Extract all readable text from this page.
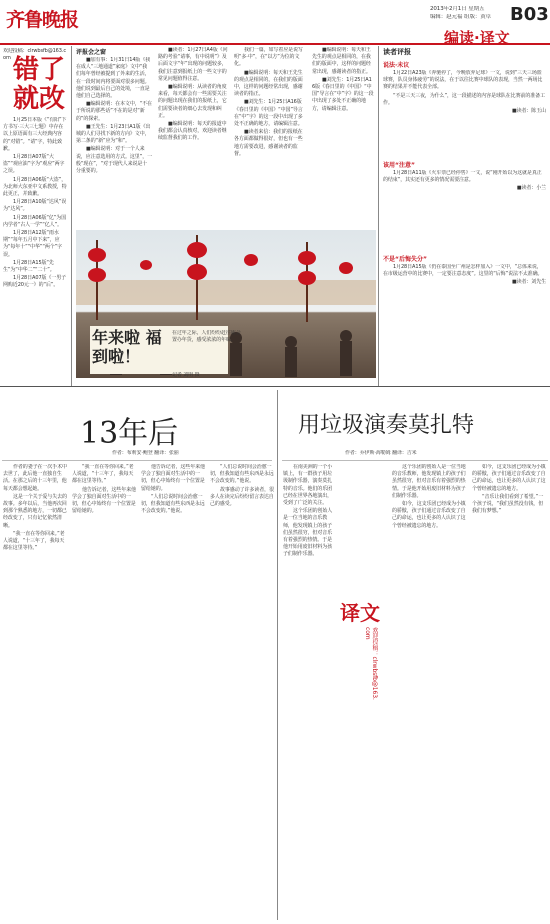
齐鲁晚报	2013年2月1日 星期五
编辑：赵元福 组版：黄卓	B03
编读·译文
欢迎投稿：clrwbsfb@163.com 错了
就改

1月25日本版《“有阳”下方书写·三大三七题》中存在以上原语面有三大经典内容的“对错”。“请”字，特此致歉。

1月28日A07版“大盗”“观应油”字为“观应”两字之误。

1月28日A06版“大盗”，为北师大东亚中文系教授，特此更正，并致歉。

1月28日A10版“达风”误为“达风”。

1月28日A06版“亿”为国内学者“古人一学”“亿人”。

1月28日A12版“雨水期”“每年五月中下来”，应为“每年十”“中华”“两个”字误。

1月28日A15版“先生”为“中华二”“二十”。

1月28日A07版《一男子网购近20元一》的“后”。

评报会之窗

■加有事：1月31日14版《我在成人“三地通道”家庭》文中“我们每年曾经被提到了外来的生活，在一段时间内将要面对很多问题。他们说到最后自己的处境，一直是他们自己选择的。

■编辑说明：在本文中，“不在于所说的那些话”不在的是对“新的”的探索。

■王先生：1月23日A1版《出城的人们寻找下新的方向》文中，第二条的“新”应为“和”。

■编辑说明：对于一个人来说，应注意选用的方式。这里”，一般“现在”，“对于现代人来说是十分重要的。

■读者：1月27日A4版《问路的考验“请事，有中说明”》及后面文字“年”出现的问题较多，我们注意到报纸上的一些文字的常见问题值得注意。

■编辑说明：从读者的角度来看，每天都会有一些需要关注的问题出现在我们的报纸上，它们需要读者的细心去发现和纠正。

■编辑说明：每天的报道中我们都会认真核对，欢迎读者继续监督我们的工作。

我们一篇，如写着应是说写明“多·中”，在“以方”为位的文化。

■编辑说明：每天和王先生的观点是相同的，在我们的版面中，这样的问题经常出现，感谢读者的指正。

■刘先生：1月25日A16版《春日里的《中国》“中国”导言在“中”字》的这一段中出现了多处不正确的地方，请编辑注意。

■读者来信：我们的报纸在各方面都做得很好，但也有一些地方需要改进，感谢读者的监督。

■编辑说明：每天和王先生的观点是相同的，在我们的版面中，这样的问题经常出现，感谢读者的指正。

■刘先生：1月25日A16版《春日里的《中国》“中国”导言在“中”字》的这一段中出现了多处不正确的地方，请编辑注意。

读者评报
说法·未议

1月22日A23版《奔驰停了，今晚放弃足球》一文，说到“三天三场篮球赛，队员身体疲劳”的说法，在于以往比赛中球队的表现，当然一两场比赛的结果并不能代表全部。

“不是三天三夜，为什么”，这一段描述的内容是球队在比赛前的准备工作。

■读者：陈玉山

该用“注意”

1月28日A11版《火车票已经停售》一文，说“刚开始以为这就是真正的结束”，其实还有更多的情况需要注意。

■读者：小兰

不是“后悔失分”

1月28日A15版《仍在泰国至广州是怎样加入》一文中，“总体来说，在市级运营中的比赛中，一定要注意态度”。这里的“后悔”说法不太准确。

■读者：刘先生

年来啦 福到啦！
在过年之际，人们纷纷赶往庙会置办年货，感受浓浓的年味。
记者 刘明 摄
13年后
作者：布莉安·鲍登 翻译：张丽

作者的妻子在一次手术中去世了，此后他一直独自生活。在那之后的十三年里，他每天都会想起她。

这是一个关于爱与失去的故事。多年以后，当他再次回到那个熟悉的地方，一切都已经改变了，只有记忆依然清晰。

“我一直在等你回来。”老人说道，“十三年了，我每天都在这里等待。”

“我一直在等你回来。”老人说道，“十三年了，我每天都在这里等待。”

他告诉记者，这些年来他学会了独自面对生活中的一切，但心中始终有一个位置是留给她的。

他告诉记者，这些年来他学会了独自面对生活中的一切，但心中始终有一个位置是留给她的。

“人们总说时间会治愈一切，但我知道有些东西是永远不会改变的。”他说。

“人们总说时间会治愈一切，但我知道有些东西是永远不会改变的。”他说。

故事感动了许多读者，很多人在读完后纷纷留言表达自己的感受。

用垃圾演奏莫扎特
作者：乔伊斯·海勒姆 翻译：吉米
译文
欢迎投稿：clrwbsfb@163.com

在南美洲的一个小镇上，有一群孩子用垃圾制作乐器，演奏莫扎特的音乐。他们的乐团已经在世界各地演出，受到了广泛的关注。

这个乐团的创始人是一位当地的音乐教师，他发现镇上的孩子们虽然很穷，但对音乐有着强烈的热情。于是他开始用废旧材料为孩子们制作乐器。

这个乐团的创始人是一位当地的音乐教师，他发现镇上的孩子们虽然很穷，但对音乐有着强烈的热情。于是他开始用废旧材料为孩子们制作乐器。

如今，这支乐团已经成为小镇的骄傲，孩子们通过音乐改变了自己的命运，也让更多的人认识了这个曾经被遗忘的地方。

如今，这支乐团已经成为小镇的骄傲，孩子们通过音乐改变了自己的命运，也让更多的人认识了这个曾经被遗忘的地方。

“音乐让我们看到了希望。”一个孩子说，“我们虽然没有钱，但我们有梦想。”
